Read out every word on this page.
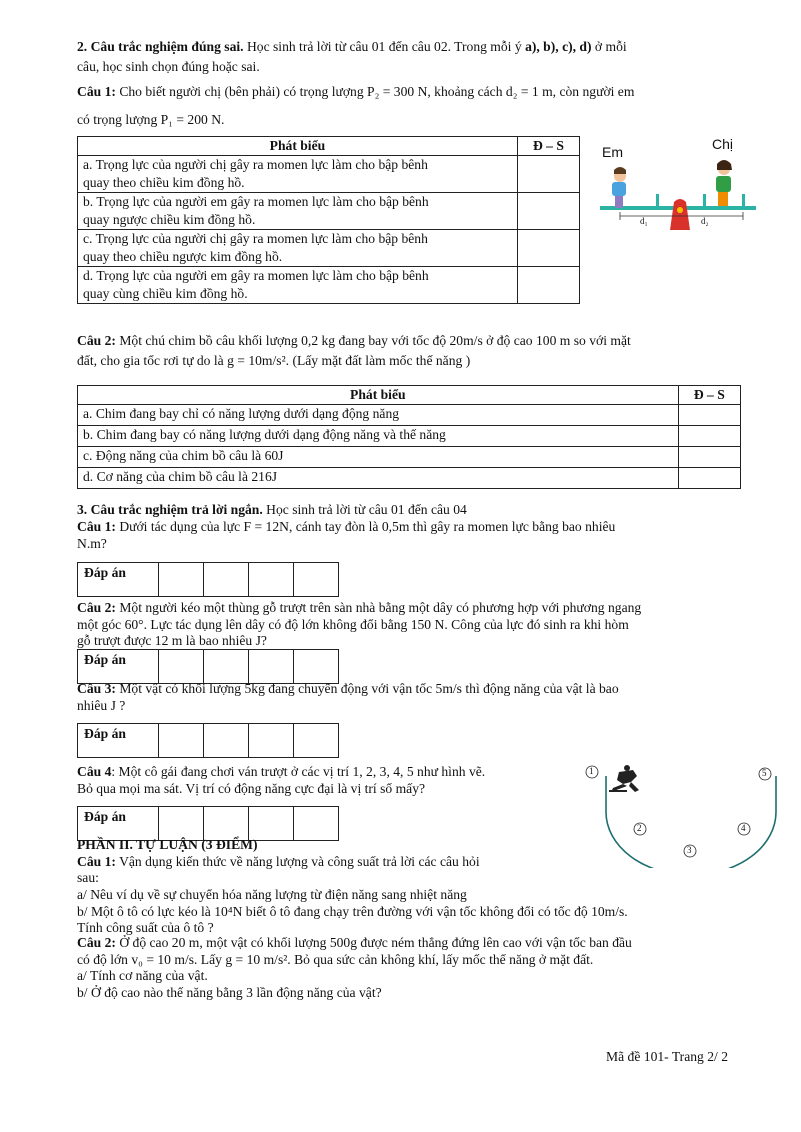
2. Câu trắc nghiệm đúng sai. Học sinh trả lời từ câu 01 đến câu 02. Trong mỗi ý a), b), c), d) ở mỗi
câu, học sinh chọn đúng hoặc sai.
Câu 1: Cho biết người chị (bên phải) có trọng lượng P₂ = 300 N, khoảng cách d₂ = 1 m, còn người em
có trọng lượng P₁ = 200 N.
Phát biểu	Đ – S

a. Trọng lực của người chị gây ra momen lực làm cho bập bênh
quay theo chiều kim đồng hồ.	

b. Trọng lực của người em gây ra momen lực làm cho bập bênh
quay ngược chiều kim đồng hồ.	

c. Trọng lực của người chị gây ra momen lực làm cho bập bênh
quay theo chiều ngược kim đồng hồ.	

d. Trọng lực của người em gây ra momen lực làm cho bập bênh
quay cùng chiều kim đồng hồ.	

Em	Chị
d₁	d₂
Câu 2: Một chú chim bồ câu khối lượng 0,2 kg đang bay với tốc độ 20m/s ở độ cao 100 m so với mặt
đất, cho gia tốc rơi tự do là g = 10m/s². (Lấy mặt đất làm mốc thế năng )
Phát biểu	Đ – S
a. Chim đang bay chỉ có năng lượng dưới dạng động năng	
b. Chim đang bay có năng lượng dưới dạng động năng và thế năng	
c. Động năng của chim bồ câu là 60J	
d. Cơ năng của chim bồ câu là 216J	
3. Câu trắc nghiệm trả lời ngắn. Học sinh trả lời từ câu 01 đến câu 04
Câu 1: Dưới tác dụng của lực F = 12N, cánh tay đòn là 0,5m thì gây ra momen lực bằng bao nhiêu
N.m?
Đáp án				
Câu 2: Một người kéo một thùng gỗ trượt trên sàn nhà bằng một dây có phương hợp với phương ngang
một góc 60°. Lực tác dụng lên dây có độ lớn không đổi bằng 150 N. Công của lực đó sinh ra khi hòm
gỗ trượt được 12 m là bao nhiêu J?
Đáp án				
Câu 3: Một vật có khối lượng 5kg đang chuyển động với vận tốc 5m/s thì động năng của vật là bao
nhiêu J ?
Đáp án				
Câu 4: Một cô gái đang chơi ván trượt ở các vị trí 1, 2, 3, 4, 5 như hình vẽ.
Bỏ qua mọi ma sát. Vị trí có động năng cực đại là vị trí số mấy?
1
2
3
4
5
Đáp án				
PHẦN II. TỰ LUẬN (3 ĐIỂM)
Câu 1: Vận dụng kiến thức về năng lượng và công suất trả lời các câu hỏi
sau:
a/ Nêu ví dụ về sự chuyển hóa năng lượng từ điện năng sang nhiệt năng
b/ Một ô tô có lực kéo là 10⁴N biết ô tô đang chạy trên đường với vận tốc không đổi có tốc độ 10m/s.
Tính công suất của ô tô ?
Câu 2: Ở độ cao 20 m, một vật có khối lượng 500g được ném thẳng đứng lên cao với vận tốc ban đầu
có độ lớn v₀ = 10 m/s. Lấy g = 10 m/s². Bỏ qua sức cản không khí, lấy mốc thế năng ở mặt đất.
a/ Tính cơ năng của vật.
b/ Ở độ cao nào thế năng bằng 3 lần động năng của vật?
Mã đề 101- Trang 2/ 2
